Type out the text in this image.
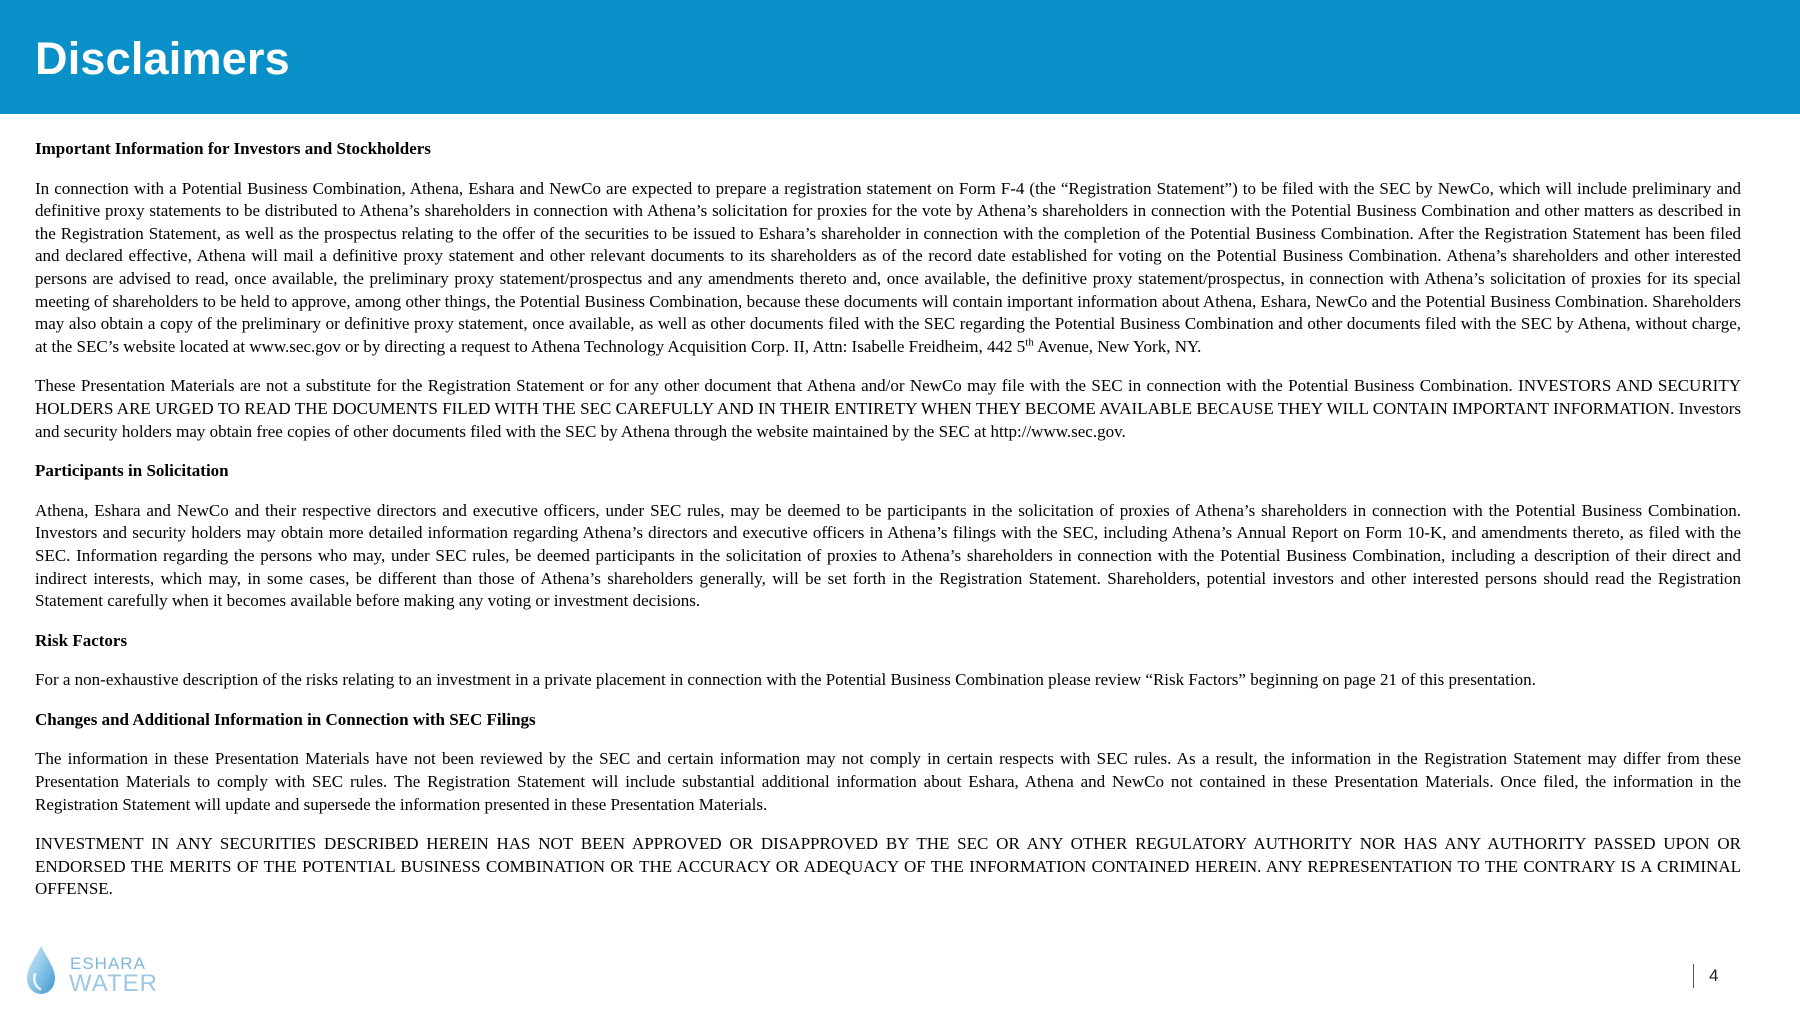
Disclaimers

Important Information for Investors and Stockholders

In connection with a Potential Business Combination, Athena, Eshara and NewCo are expected to prepare a registration statement on Form F-4 (the “Registration Statement”) to be filed with the SEC by NewCo, which will include preliminary and definitive proxy statements to be distributed to Athena’s shareholders in connection with Athena’s solicitation for proxies for the vote by Athena’s shareholders in connection with the Potential Business Combination and other matters as described in the Registration Statement, as well as the prospectus relating to the offer of the securities to be issued to Eshara’s shareholder in connection with the completion of the Potential Business Combination. After the Registration Statement has been filed and declared effective, Athena will mail a definitive proxy statement and other relevant documents to its shareholders as of the record date established for voting on the Potential Business Combination. Athena’s shareholders and other interested persons are advised to read, once available, the preliminary proxy statement/prospectus and any amendments thereto and, once available, the definitive proxy statement/prospectus, in connection with Athena’s solicitation of proxies for its special meeting of shareholders to be held to approve, among other things, the Potential Business Combination, because these documents will contain important information about Athena, Eshara, NewCo and the Potential Business Combination. Shareholders may also obtain a copy of the preliminary or definitive proxy statement, once available, as well as other documents filed with the SEC regarding the Potential Business Combination and other documents filed with the SEC by Athena, without charge, at the SEC’s website located at www.sec.gov or by directing a request to Athena Technology Acquisition Corp. II, Attn: Isabelle Freidheim, 442 5th Avenue, New York, NY.

These Presentation Materials are not a substitute for the Registration Statement or for any other document that Athena and/or NewCo may file with the SEC in connection with the Potential Business Combination. INVESTORS AND SECURITY HOLDERS ARE URGED TO READ THE DOCUMENTS FILED WITH THE SEC CAREFULLY AND IN THEIR ENTIRETY WHEN THEY BECOME AVAILABLE BECAUSE THEY WILL CONTAIN IMPORTANT INFORMATION. Investors and security holders may obtain free copies of other documents filed with the SEC by Athena through the website maintained by the SEC at http://www.sec.gov.

Participants in Solicitation

Athena, Eshara and NewCo and their respective directors and executive officers, under SEC rules, may be deemed to be participants in the solicitation of proxies of Athena’s shareholders in connection with the Potential Business Combination. Investors and security holders may obtain more detailed information regarding Athena’s directors and executive officers in Athena’s filings with the SEC, including Athena’s Annual Report on Form 10-K, and amendments thereto, as filed with the SEC. Information regarding the persons who may, under SEC rules, be deemed participants in the solicitation of proxies to Athena’s shareholders in connection with the Potential Business Combination, including a description of their direct and indirect interests, which may, in some cases, be different than those of Athena’s shareholders generally, will be set forth in the Registration Statement. Shareholders, potential investors and other interested persons should read the Registration Statement carefully when it becomes available before making any voting or investment decisions.

Risk Factors

For a non-exhaustive description of the risks relating to an investment in a private placement in connection with the Potential Business Combination please review “Risk Factors” beginning on page 21 of this presentation.

Changes and Additional Information in Connection with SEC Filings

The information in these Presentation Materials have not been reviewed by the SEC and certain information may not comply in certain respects with SEC rules. As a result, the information in the Registration Statement may differ from these Presentation Materials to comply with SEC rules. The Registration Statement will include substantial additional information about Eshara, Athena and NewCo not contained in these Presentation Materials. Once filed, the information in the Registration Statement will update and supersede the information presented in these Presentation Materials.

INVESTMENT IN ANY SECURITIES DESCRIBED HEREIN HAS NOT BEEN APPROVED OR DISAPPROVED BY THE SEC OR ANY OTHER REGULATORY AUTHORITY NOR HAS ANY AUTHORITY PASSED UPON OR ENDORSED THE MERITS OF THE POTENTIAL BUSINESS COMBINATION OR THE ACCURACY OR ADEQUACY OF THE INFORMATION CONTAINED HEREIN. ANY REPRESENTATION TO THE CONTRARY IS A CRIMINAL OFFENSE.

ESHARA
WATER	4
